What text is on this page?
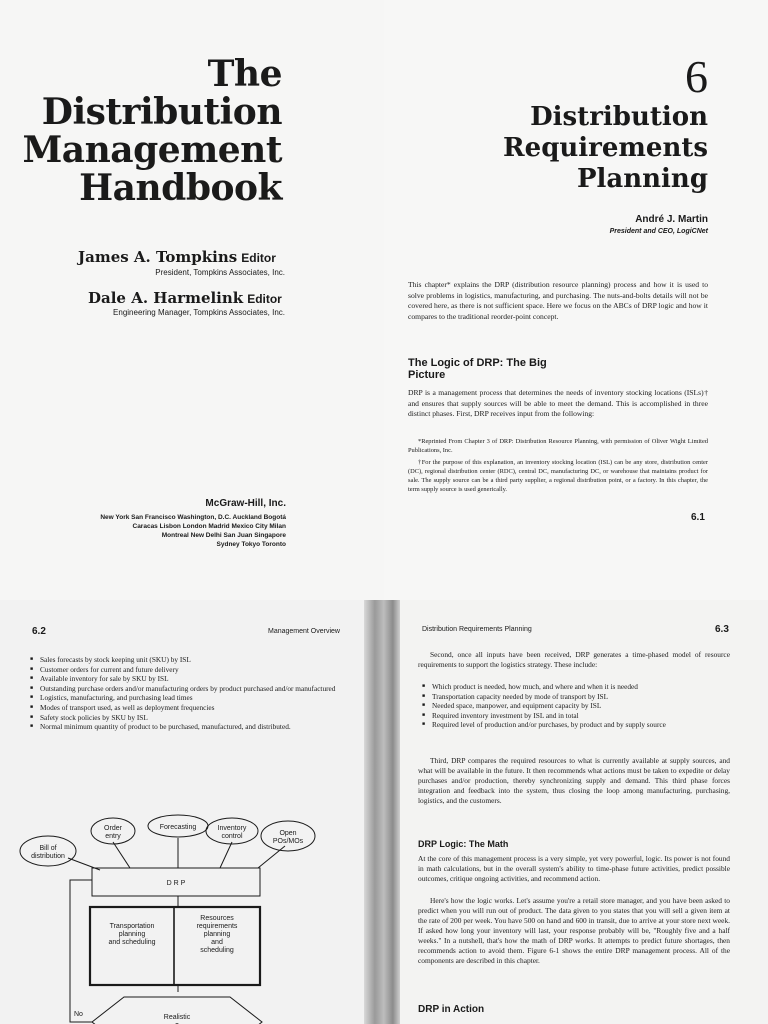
The
Distribution
Management
Handbook
James A. Tompkins Editor
President, Tompkins Associates, Inc.
Dale A. Harmelink Editor
Engineering Manager, Tompkins Associates, Inc.
McGraw-Hill, Inc.
New York San Francisco Washington, D.C. Auckland Bogotá
Caracas Lisbon London Madrid Mexico City Milan
Montreal New Delhi San Juan Singapore
Sydney Tokyo Toronto
6
Distribution
Requirements
Planning
André J. Martin
President and CEO, LogiCNet
This chapter* explains the DRP (distribution resource planning) process and how it is used to solve problems in logistics, manufacturing, and purchasing. The nuts-and-bolts details will not be covered here, as there is not sufficient space. Here we focus on the ABCs of DRP logic and how it compares to the traditional reorder-point concept.
The Logic of DRP: The Big Picture
DRP is a management process that determines the needs of inventory stocking locations (ISLs)† and ensures that supply sources will be able to meet the demand. This is accomplished in three distinct phases. First, DRP receives input from the following:
*Reprinted From Chapter 3 of DRP: Distribution Resource Planning, with permission of Oliver Wight Limited Publications, Inc.
†For the purpose of this explanation, an inventory stocking location (ISL) can be any store, distribution center (DC), regional distribution center (RDC), central DC, manufacturing DC, or warehouse that maintains product for sale. The supply source can be a third party supplier, a regional distribution point, or a factory. In this chapter, the term supply source is used generically.
6.1
6.2	Management Overview
■ Sales forecasts by stock keeping unit (SKU) by ISL
■ Customer orders for current and future delivery
■ Available inventory for sale by SKU by ISL
■ Outstanding purchase orders and/or manufacturing orders by product purchased and/or manufactured
■ Logistics, manufacturing, and purchasing lead times
■ Modes of transport used, as well as deployment frequencies
■ Safety stock policies by SKU by ISL
■ Normal minimum quantity of product to be purchased, manufactured, and distributed.
Bill of
distribution
Order
entry
Forecasting	Inventory
control	Open
POs/MOs
D R P
Transportation
planning
and scheduling
Resources
requirements
planning
and
scheduling
Realistic
No
Distribution Requirements Planning	6.3
Second, once all inputs have been received, DRP generates a time-phased model of resource requirements to support the logistics strategy. These include:
■ Which product is needed, how much, and where and when it is needed
■ Transportation capacity needed by mode of transport by ISL
■ Needed space, manpower, and equipment capacity by ISL
■ Required inventory investment by ISL and in total
■ Required level of production and/or purchases, by product and by supply source
Third, DRP compares the required resources to what is currently available at supply sources, and what will be available in the future. It then recommends what actions must be taken to expedite or delay purchases and/or production, thereby synchronizing supply and demand. This third phase forces integration and feedback into the system, thus closing the loop among manufacturing, purchasing, logistics, and the customers.
DRP Logic: The Math
At the core of this management process is a very simple, yet very powerful, logic. Its power is not found in math calculations, but in the overall system's ability to time-phase future activities, predict possible outcomes, critique ongoing activities, and recommend action.
Here's how the logic works. Let's assume you're a retail store manager, and you have been asked to predict when you will run out of product. The data given to you states that you will sell a given item at the rate of 200 per week. You have 500 on hand and 600 in transit, due to arrive at your store next week. If asked how long your inventory will last, your response probably will be, "Roughly five and a half weeks." In a nutshell, that's how the math of DRP works. It attempts to predict future shortages, then recommends action to avoid them. Figure 6-1 shows the entire DRP management process. All of the components are described in this chapter.
DRP in Action
